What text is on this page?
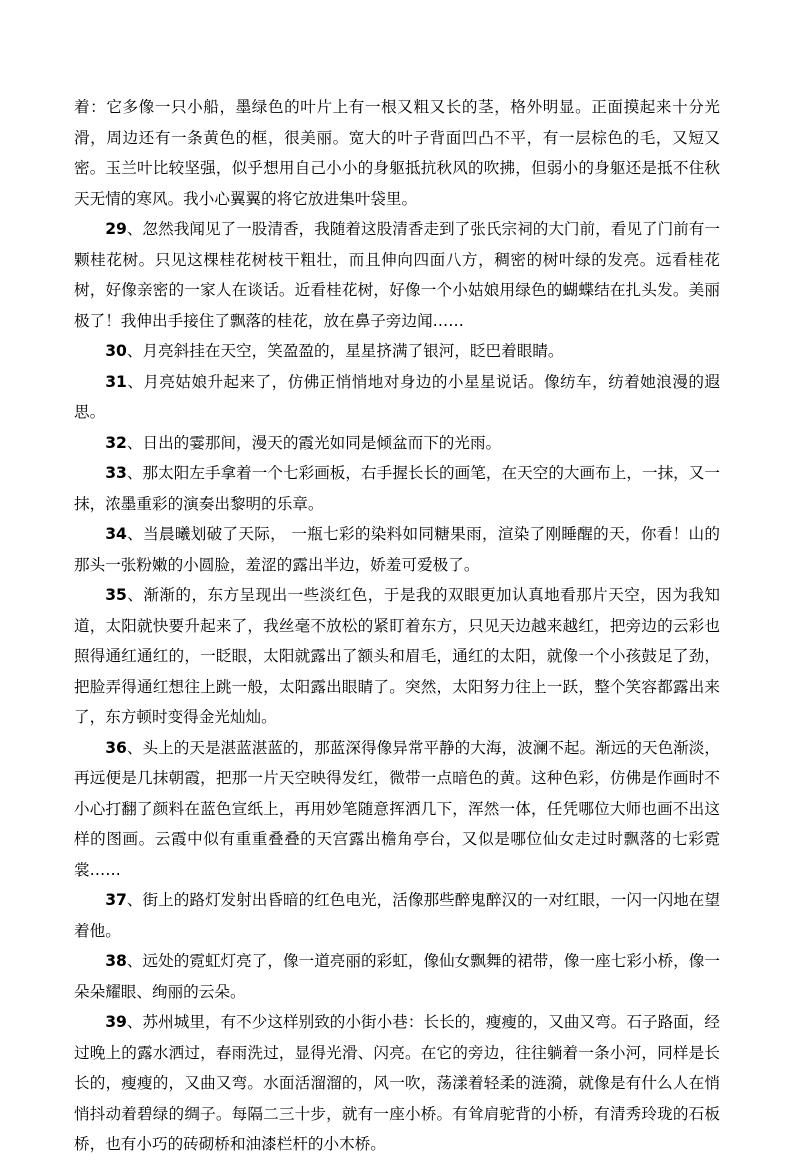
着：它多像一只小船，墨绿色的叶片上有一根又粗又长的茎，格外明显。正面摸起来十分光滑，周边还有一条黄色的框，很美丽。宽大的叶子背面凹凸不平，有一层棕色的毛，又短又密。玉兰叶比较坚强，似乎想用自己小小的身躯抵抗秋风的吹拂，但弱小的身躯还是抵不住秋天无情的寒风。我小心翼翼的将它放进集叶袋里。

29、忽然我闻见了一股清香，我随着这股清香走到了张氏宗祠的大门前，看见了门前有一颗桂花树。只见这棵桂花树枝干粗壮，而且伸向四面八方，稠密的树叶绿的发亮。远看桂花树，好像亲密的一家人在谈话。近看桂花树，好像一个小姑娘用绿色的蝴蝶结在扎头发。美丽极了！我伸出手接住了飘落的桂花，放在鼻子旁边闻……

30、月亮斜挂在天空，笑盈盈的，星星挤满了银河，眨巴着眼睛。

31、月亮姑娘升起来了，仿佛正悄悄地对身边的小星星说话。像纺车，纺着她浪漫的遐思。

32、日出的霎那间，漫天的霞光如同是倾盆而下的光雨。

33、那太阳左手拿着一个七彩画板，右手握长长的画笔，在天空的大画布上，一抹，又一抹，浓墨重彩的演奏出黎明的乐章。

34、当晨曦划破了天际， 一瓶七彩的染料如同糖果雨，渲染了刚睡醒的天，你看！山的那头一张粉嫩的小圆脸，羞涩的露出半边，娇羞可爱极了。

35、渐渐的，东方呈现出一些淡红色，于是我的双眼更加认真地看那片天空，因为我知道，太阳就快要升起来了，我丝毫不放松的紧盯着东方，只见天边越来越红，把旁边的云彩也照得通红通红的，一眨眼，太阳就露出了额头和眉毛，通红的太阳，就像一个小孩鼓足了劲，把脸弄得通红想往上跳一般，太阳露出眼睛了。突然，太阳努力往上一跃，整个笑容都露出来了，东方顿时变得金光灿灿。

36、头上的天是湛蓝湛蓝的，那蓝深得像异常平静的大海，波澜不起。渐远的天色渐淡，再远便是几抹朝霞，把那一片天空映得发红，微带一点暗色的黄。这种色彩，仿佛是作画时不小心打翻了颜料在蓝色宣纸上，再用妙笔随意挥洒几下，浑然一体，任凭哪位大师也画不出这样的图画。云霞中似有重重叠叠的天宫露出檐角亭台，又似是哪位仙女走过时飘落的七彩霓裳……

37、街上的路灯发射出昏暗的红色电光，活像那些醉鬼醉汉的一对红眼，一闪一闪地在望着他。

38、远处的霓虹灯亮了，像一道亮丽的彩虹，像仙女飘舞的裙带，像一座七彩小桥，像一朵朵耀眼、绚丽的云朵。

39、苏州城里，有不少这样别致的小街小巷：长长的，瘦瘦的，又曲又弯。石子路面，经过晚上的露水洒过，春雨洗过，显得光滑、闪亮。在它的旁边，往往躺着一条小河，同样是长长的，瘦瘦的，又曲又弯。水面活溜溜的，风一吹，荡漾着轻柔的涟漪，就像是有什么人在悄悄抖动着碧绿的绸子。每隔二三十步，就有一座小桥。有耸肩驼背的小桥，有清秀玲珑的石板桥，也有小巧的砖砌桥和油漆栏杆的小木桥。
